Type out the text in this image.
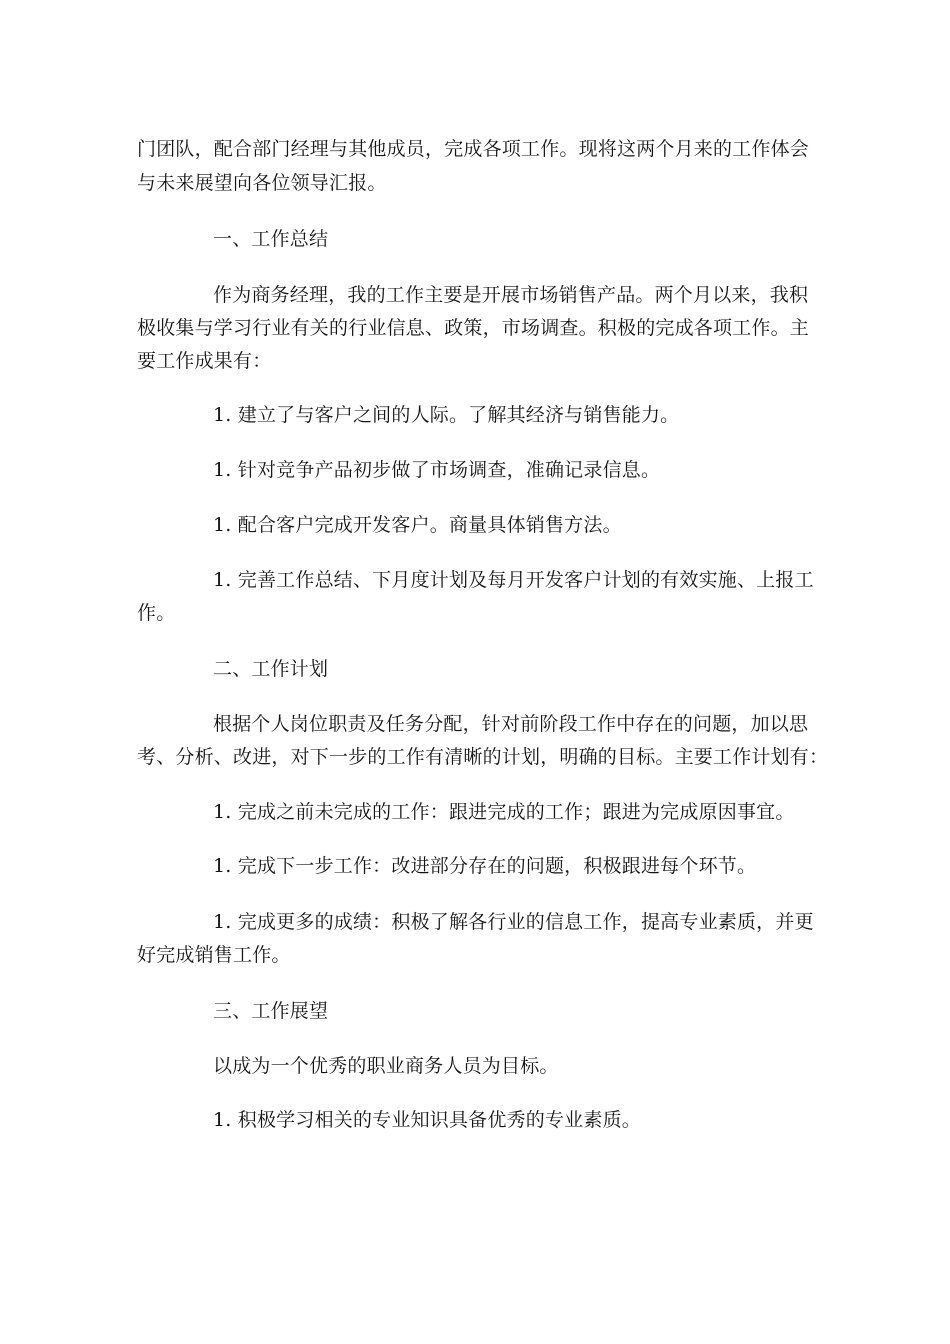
门团队，配合部门经理与其他成员，完成各项工作。现将这两个月来的工作体会
与未来展望向各位领导汇报。
一、工作总结
作为商务经理，我的工作主要是开展市场销售产品。两个月以来，我积
极收集与学习行业有关的行业信息、政策，市场调查。积极的完成各项工作。主
要工作成果有：
1. 建立了与客户之间的人际。了解其经济与销售能力。
1. 针对竞争产品初步做了市场调查，准确记录信息。
1. 配合客户完成开发客户。商量具体销售方法。
1. 完善工作总结、下月度计划及每月开发客户计划的有效实施、上报工
作。
二、工作计划
根据个人岗位职责及任务分配，针对前阶段工作中存在的问题，加以思
考、分析、改进，对下一步的工作有清晰的计划，明确的目标。主要工作计划有：
1. 完成之前未完成的工作：跟进完成的工作；跟进为完成原因事宜。
1. 完成下一步工作：改进部分存在的问题，积极跟进每个环节。
1. 完成更多的成绩：积极了解各行业的信息工作，提高专业素质，并更
好完成销售工作。
三、工作展望
以成为一个优秀的职业商务人员为目标。
1. 积极学习相关的专业知识具备优秀的专业素质。
